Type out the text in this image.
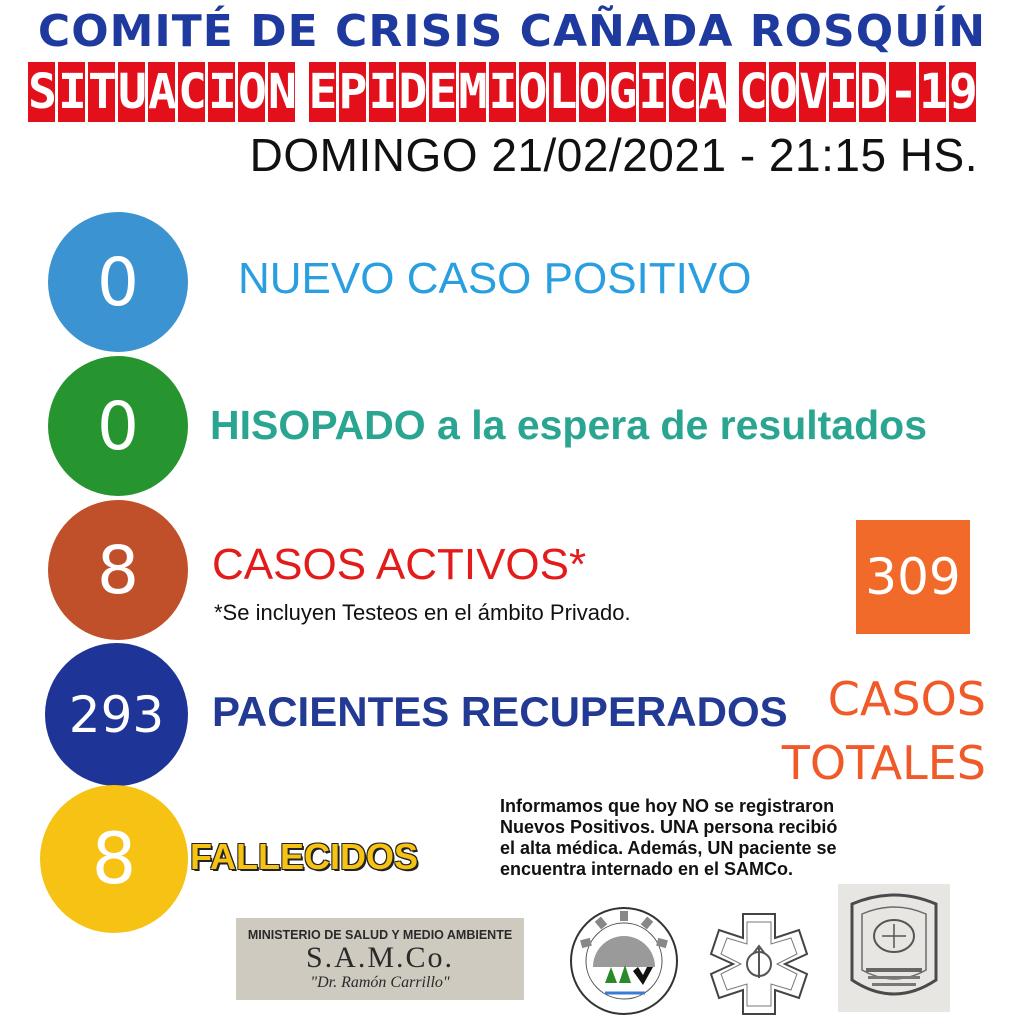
COMITÉ DE CRISIS CAÑADA ROSQUÍN
S I T U A C I O N E P I D E M I O L O G I C A C O V I D - 1 9
DOMINGO 21/02/2021 - 21:15 HS.
0	NUEVO CASO POSITIVO
0	HISOPADO a la espera de resultados
8	CASOS ACTIVOS*
*Se incluyen Testeos en el ámbito Privado.
293	PACIENTES RECUPERADOS
8	FALLECIDOS
309
CASOS
TOTALES
Informamos que hoy NO se registraron
Nuevos Positivos. UNA persona recibió
el alta médica. Además, UN paciente se
encuentra internado en el SAMCo.
MINISTERIO DE SALUD Y MEDIO AMBIENTE
S.A.M.Co.
"Dr. Ramón Carrillo"
